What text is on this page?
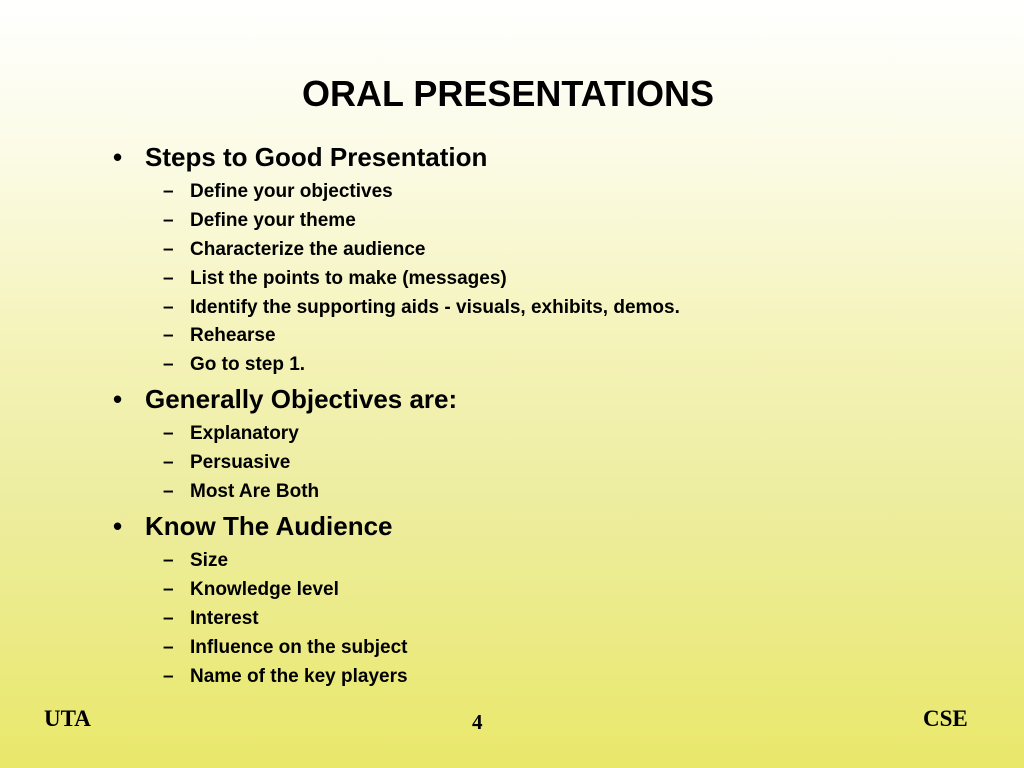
ORAL PRESENTATIONS
• Steps to Good Presentation
– Define your objectives
– Define your theme
– Characterize the audience
– List the points to make (messages)
– Identify the supporting aids - visuals, exhibits, demos.
– Rehearse
– Go to step 1.
• Generally Objectives are:
– Explanatory
– Persuasive
– Most Are Both
• Know The Audience
– Size
– Knowledge level
– Interest
– Influence on the subject
– Name of the key players
UTA	4	CSE
